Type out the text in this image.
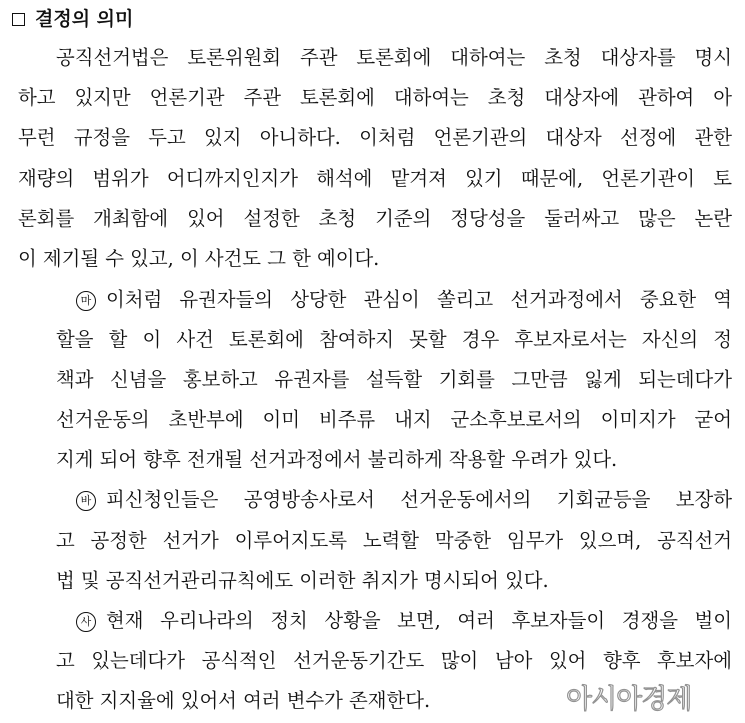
결정의 의미
공직선거법은 토론위원회 주관 토론회에 대하여는 초청 대상자를 명시
하고 있지만 언론기관 주관 토론회에 대하여는 초청 대상자에 관하여 아
무런 규정을 두고 있지 아니하다. 이처럼 언론기관의 대상자 선정에 관한
재량의 범위가 어디까지인지가 해석에 맡겨져 있기 때문에, 언론기관이 토
론회를 개최함에 있어 설정한 초청 기준의 정당성을 둘러싸고 많은 논란
이 제기될 수 있고, 이 사건도 그 한 예이다.
마 이처럼 유권자들의 상당한 관심이 쏠리고 선거과정에서 중요한 역
할을 할 이 사건 토론회에 참여하지 못할 경우 후보자로서는 자신의 정
책과 신념을 홍보하고 유권자를 설득할 기회를 그만큼 잃게 되는데다가
선거운동의 초반부에 이미 비주류 내지 군소후보로서의 이미지가 굳어
지게 되어 향후 전개될 선거과정에서 불리하게 작용할 우려가 있다.
바 피신청인들은 공영방송사로서 선거운동에서의 기회균등을 보장하
고 공정한 선거가 이루어지도록 노력할 막중한 임무가 있으며, 공직선거
법 및 공직선거관리규칙에도 이러한 취지가 명시되어 있다.
사 현재 우리나라의 정치 상황을 보면, 여러 후보자들이 경쟁을 벌이
고 있는데다가 공식적인 선거운동기간도 많이 남아 있어 향후 후보자에
대한 지지율에 있어서 여러 변수가 존재한다.	아시아경제
